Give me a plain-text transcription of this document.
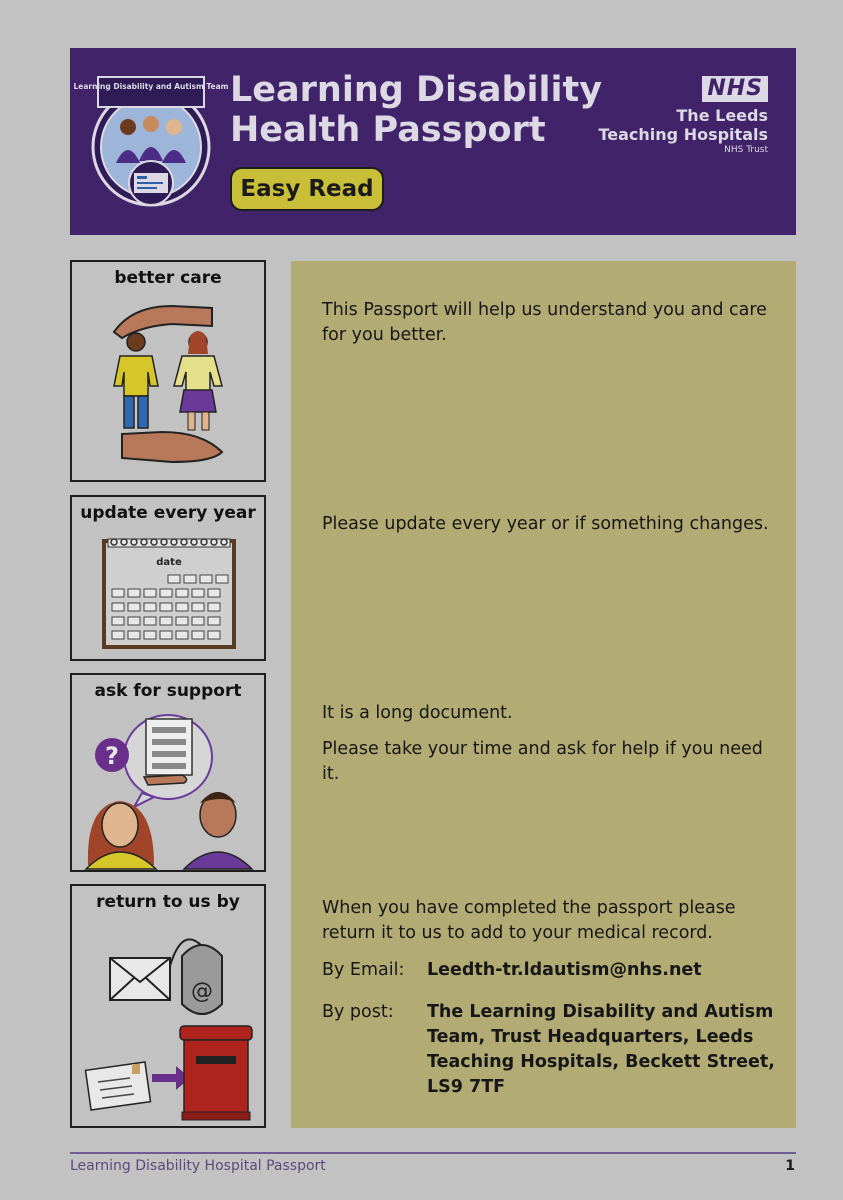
Learning Disability and Autism Team Learning Disability
Health Passport
Easy Read
NHS
The Leeds
Teaching Hospitals
NHS Trust
better care
update every year
date
ask for support
?
return to us by
@

This Passport will help us understand you and care for you better.

Please update every year or if something changes.

It is a long document.

Please take your time and ask for help if you need it.

When you have completed the passport please return it to us to add to your medical record.

By Email: Leedth-tr.ldautism@nhs.net
By post: The Learning Disability and Autism Team, Trust Headquarters, Leeds Teaching Hospitals, Beckett Street, LS9 7TF
Learning Disability Hospital Passport	1
